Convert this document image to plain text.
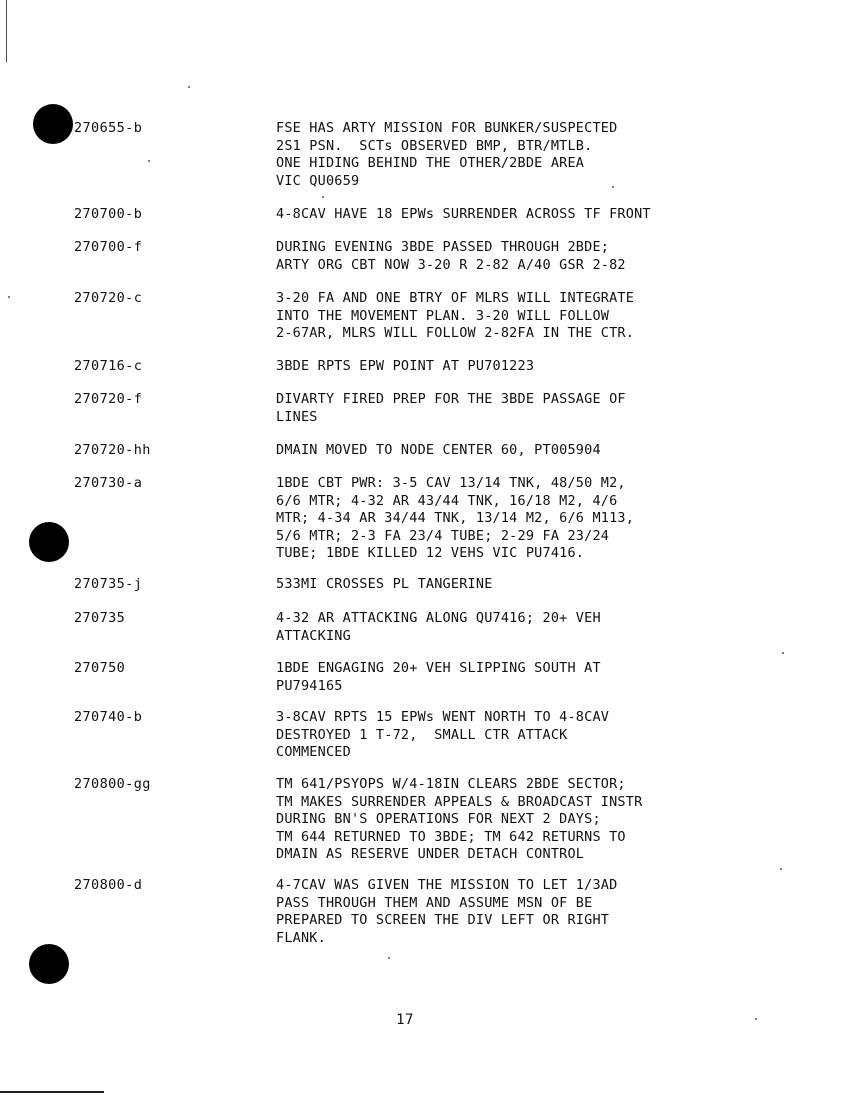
270655-b	FSE HAS ARTY MISSION FOR BUNKER/SUSPECTED
2S1 PSN.  SCTs OBSERVED BMP, BTR/MTLB.
ONE HIDING BEHIND THE OTHER/2BDE AREA
VIC QU0659
270700-b	4-8CAV HAVE 18 EPWs SURRENDER ACROSS TF FRONT
270700-f	DURING EVENING 3BDE PASSED THROUGH 2BDE;
ARTY ORG CBT NOW 3-20 R 2-82 A/40 GSR 2-82
270720-c	3-20 FA AND ONE BTRY OF MLRS WILL INTEGRATE
INTO THE MOVEMENT PLAN. 3-20 WILL FOLLOW
2-67AR, MLRS WILL FOLLOW 2-82FA IN THE CTR.
270716-c	3BDE RPTS EPW POINT AT PU701223
270720-f	DIVARTY FIRED PREP FOR THE 3BDE PASSAGE OF
LINES
270720-hh	DMAIN MOVED TO NODE CENTER 60, PT005904
270730-a	1BDE CBT PWR: 3-5 CAV 13/14 TNK, 48/50 M2,
6/6 MTR; 4-32 AR 43/44 TNK, 16/18 M2, 4/6
MTR; 4-34 AR 34/44 TNK, 13/14 M2, 6/6 M113,
5/6 MTR; 2-3 FA 23/4 TUBE; 2-29 FA 23/24
TUBE; 1BDE KILLED 12 VEHS VIC PU7416.
270735-j	533MI CROSSES PL TANGERINE
270735	4-32 AR ATTACKING ALONG QU7416; 20+ VEH
ATTACKING
270750	1BDE ENGAGING 20+ VEH SLIPPING SOUTH AT
PU794165
270740-b	3-8CAV RPTS 15 EPWs WENT NORTH TO 4-8CAV
DESTROYED 1 T-72,  SMALL CTR ATTACK
COMMENCED
270800-gg	TM 641/PSYOPS W/4-18IN CLEARS 2BDE SECTOR;
TM MAKES SURRENDER APPEALS & BROADCAST INSTR
DURING BN'S OPERATIONS FOR NEXT 2 DAYS;
TM 644 RETURNED TO 3BDE; TM 642 RETURNS TO
DMAIN AS RESERVE UNDER DETACH CONTROL
270800-d	4-7CAV WAS GIVEN THE MISSION TO LET 1/3AD
PASS THROUGH THEM AND ASSUME MSN OF BE
PREPARED TO SCREEN THE DIV LEFT OR RIGHT
FLANK.
17
